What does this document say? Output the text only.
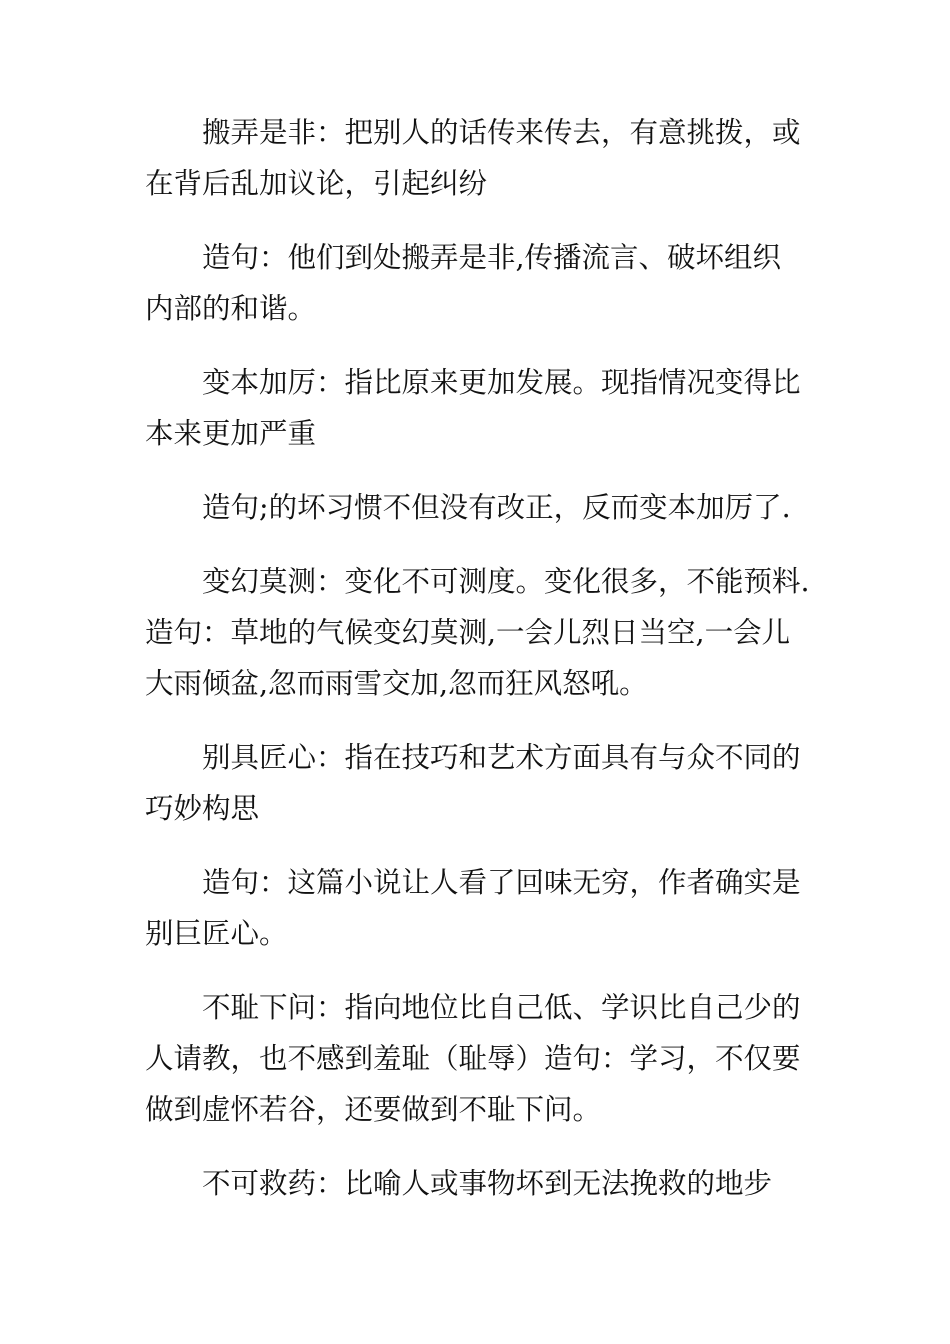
搬弄是非：把别人的话传来传去，有意挑拨，或
在背后乱加议论，引起纠纷

造句：他们到处搬弄是非,传播流言、破坏组织
内部的和谐。

变本加厉：指比原来更加发展。现指情况变得比
本来更加严重

造句;的坏习惯不但没有改正，反而变本加厉了.

变幻莫测：变化不可测度。变化很多，不能预料.
造句：草地的气候变幻莫测,一会儿烈日当空,一会儿
大雨倾盆,忽而雨雪交加,忽而狂风怒吼。

别具匠心：指在技巧和艺术方面具有与众不同的
巧妙构思

造句：这篇小说让人看了回味无穷，作者确实是
别巨匠心。

不耻下问：指向地位比自己低、学识比自己少的
人请教，也不感到羞耻（耻辱）造句：学习，不仅要
做到虚怀若谷，还要做到不耻下问。

不可救药：比喻人或事物坏到无法挽救的地步
